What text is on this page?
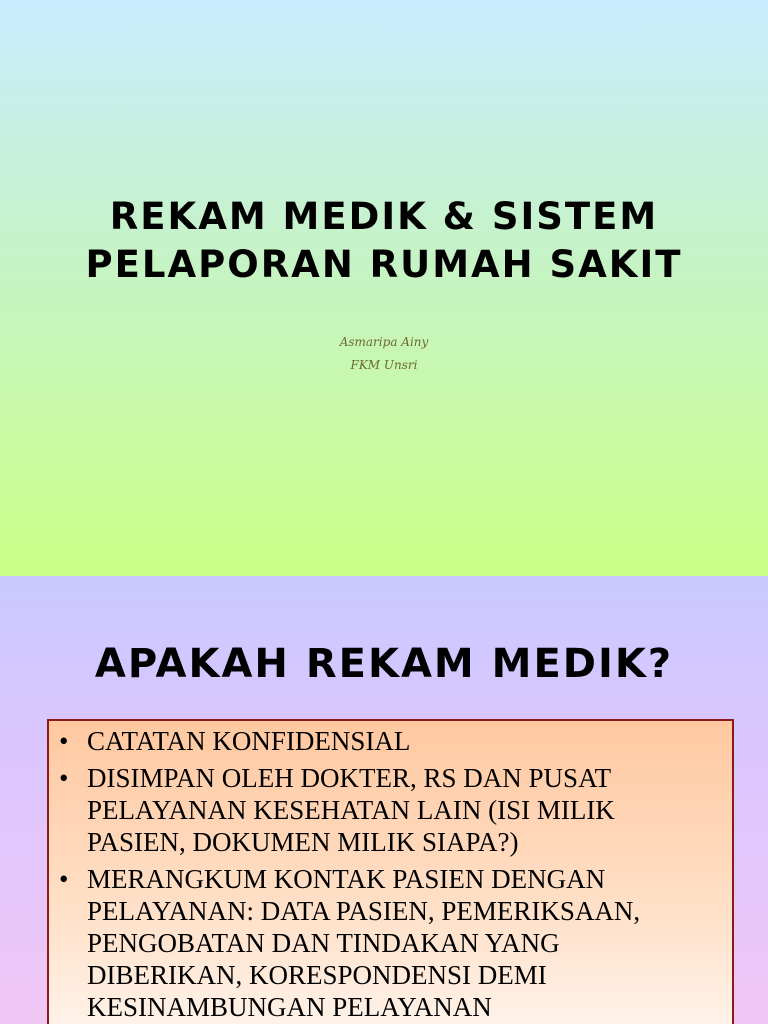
REKAM MEDIK & SISTEM
PELAPORAN RUMAH SAKIT
Asmaripa Ainy
FKM Unsri
APAKAH REKAM MEDIK?
• CATATAN KONFIDENSIAL
• DISIMPAN OLEH DOKTER, RS DAN PUSAT PELAYANAN KESEHATAN LAIN (ISI MILIK PASIEN, DOKUMEN MILIK SIAPA?)
• MERANGKUM KONTAK PASIEN DENGAN PELAYANAN: DATA PASIEN, PEMERIKSAAN, PENGOBATAN DAN TINDAKAN YANG DIBERIKAN, KORESPONDENSI DEMI KESINAMBUNGAN PELAYANAN
